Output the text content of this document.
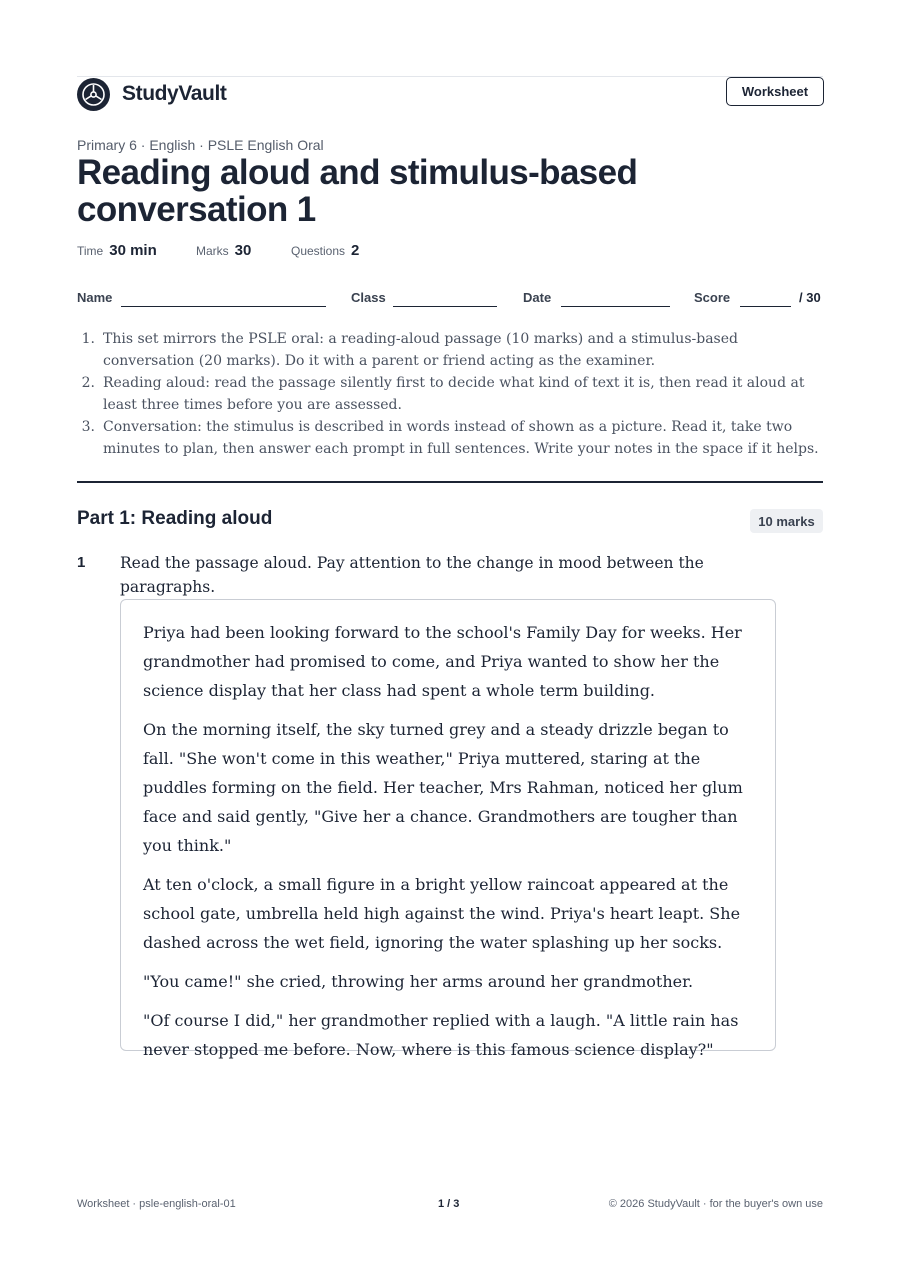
StudyVault	Worksheet
Primary 6 · English · PSLE English Oral
Reading aloud and stimulus-based conversation 1
Time 30 min	Marks 30	Questions 2
Name	Class	Date	Score	/ 30
1. This set mirrors the PSLE oral: a reading-aloud passage (10 marks) and a stimulus-based conversation (20 marks). Do it with a parent or friend acting as the examiner.
2. Reading aloud: read the passage silently first to decide what kind of text it is, then read it aloud at least three times before you are assessed.
3. Conversation: the stimulus is described in words instead of shown as a picture. Read it, take two minutes to plan, then answer each prompt in full sentences. Write your notes in the space if it helps.
Part 1: Reading aloud	10 marks
1 Read the passage aloud. Pay attention to the change in mood between the paragraphs.

Priya had been looking forward to the school's Family Day for weeks. Her grandmother had promised to come, and Priya wanted to show her the science display that her class had spent a whole term building.

On the morning itself, the sky turned grey and a steady drizzle began to fall. "She won't come in this weather," Priya muttered, staring at the puddles forming on the field. Her teacher, Mrs Rahman, noticed her glum face and said gently, "Give her a chance. Grandmothers are tougher than you think."

At ten o'clock, a small figure in a bright yellow raincoat appeared at the school gate, umbrella held high against the wind. Priya's heart leapt. She dashed across the wet field, ignoring the water splashing up her socks.

"You came!" she cried, throwing her arms around her grandmother.

"Of course I did," her grandmother replied with a laugh. "A little rain has never stopped me before. Now, where is this famous science display?"

Worksheet · psle-english-oral-01	1 / 3	© 2026 StudyVault · for the buyer's own use
